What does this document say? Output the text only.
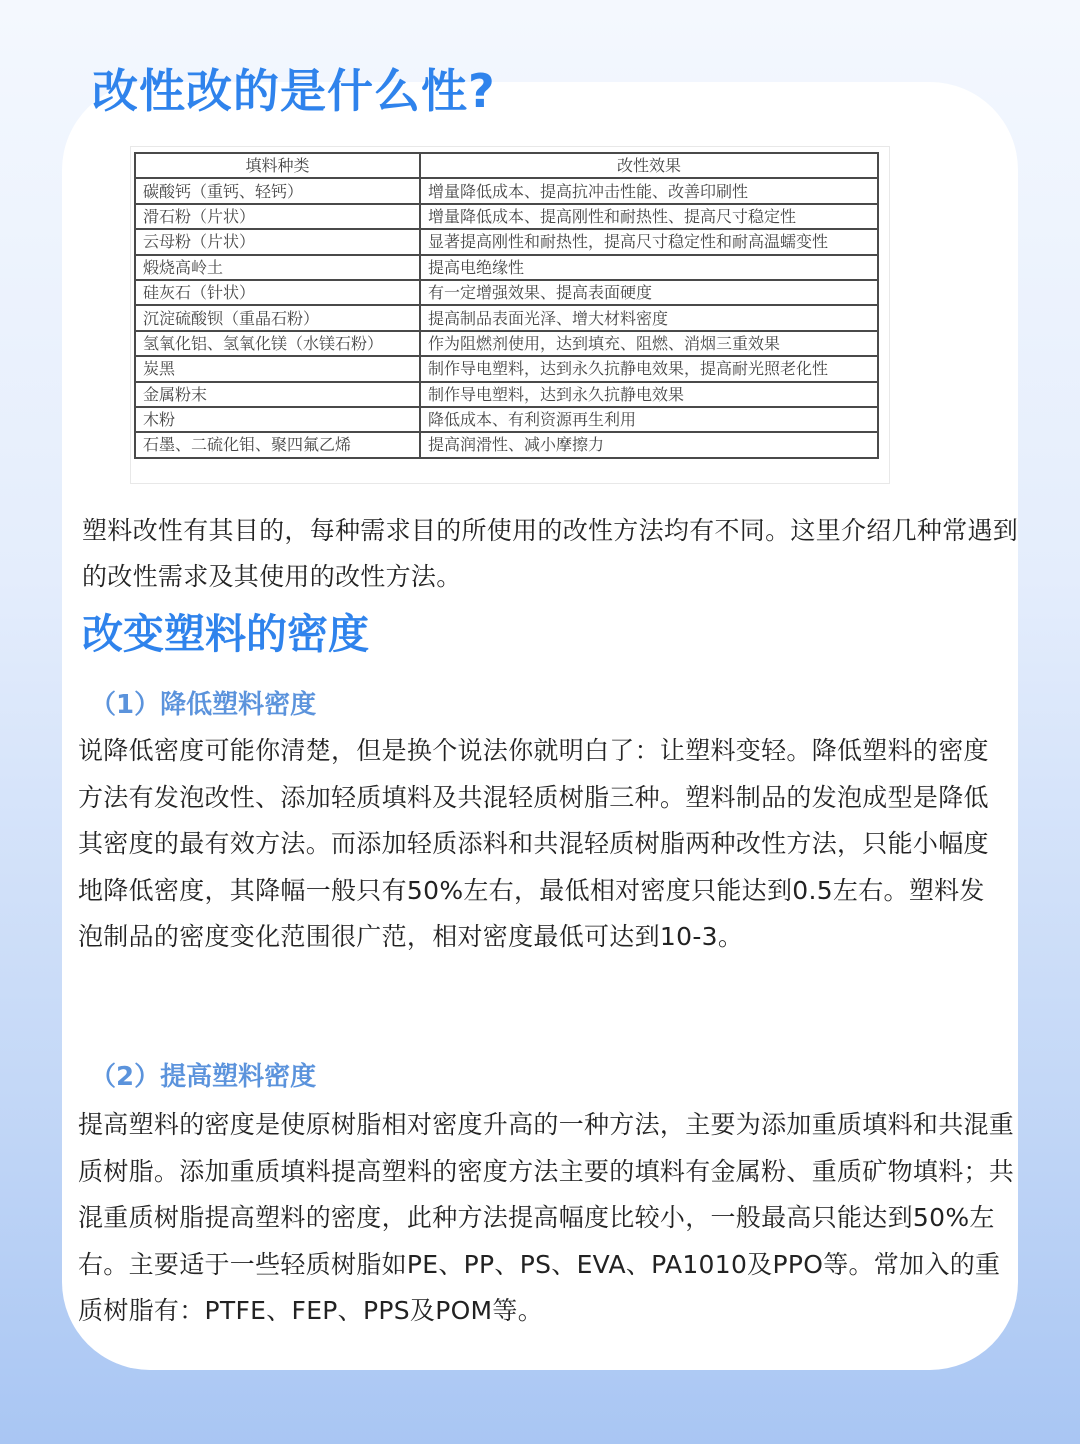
改性改的是什么性?
填料种类	改性效果
碳酸钙（重钙、轻钙）	增量降低成本、提高抗冲击性能、改善印刷性
滑石粉（片状）	增量降低成本、提高刚性和耐热性、提高尺寸稳定性
云母粉（片状）	显著提高刚性和耐热性，提高尺寸稳定性和耐高温蠕变性
煅烧高岭土	提高电绝缘性
硅灰石（针状）	有一定增强效果、提高表面硬度
沉淀硫酸钡（重晶石粉）	提高制品表面光泽、增大材料密度
氢氧化铝、氢氧化镁（水镁石粉）	作为阻燃剂使用，达到填充、阻燃、消烟三重效果
炭黑	制作导电塑料，达到永久抗静电效果，提高耐光照老化性
金属粉末	制作导电塑料，达到永久抗静电效果
木粉	降低成本、有利资源再生利用
石墨、二硫化钼、聚四氟乙烯	提高润滑性、减小摩擦力

塑料改性有其目的，每种需求目的所使用的改性方法均有不同。这里介绍几种常遇到的改性需求及其使用的改性方法。

改变塑料的密度
（1）降低塑料密度

说降低密度可能你清楚，但是换个说法你就明白了：让塑料变轻。降低塑料的密度方法有发泡改性、添加轻质填料及共混轻质树脂三种。塑料制品的发泡成型是降低其密度的最有效方法。而添加轻质添料和共混轻质树脂两种改性方法，只能小幅度地降低密度，其降幅一般只有50%左右，最低相对密度只能达到0.5左右。塑料发泡制品的密度变化范围很广范，相对密度最低可达到10-3。

（2）提高塑料密度

提高塑料的密度是使原树脂相对密度升高的一种方法，主要为添加重质填料和共混重质树脂。添加重质填料提高塑料的密度方法主要的填料有金属粉、重质矿物填料；共混重质树脂提高塑料的密度，此种方法提高幅度比较小，一般最高只能达到50%左右。主要适于一些轻质树脂如PE、PP、PS、EVA、PA1010及PPO等。常加入的重质树脂有：PTFE、FEP、PPS及POM等。
